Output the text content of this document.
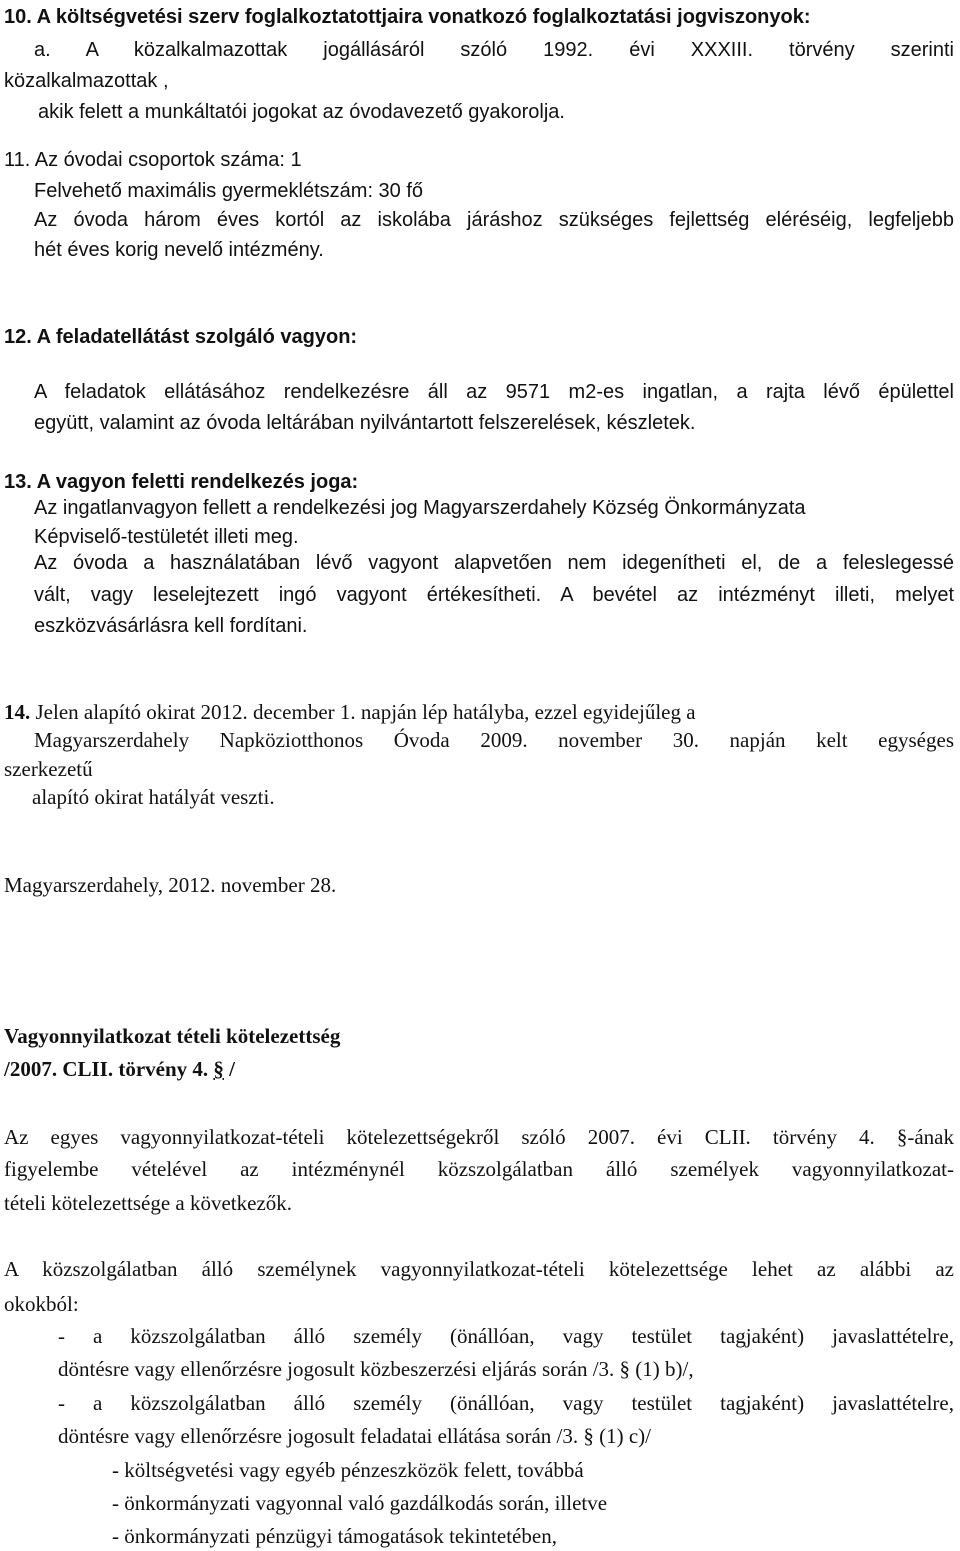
10. A költségvetési szerv foglalkoztatottjaira vonatkozó foglalkoztatási jogviszonyok:
a. A közalkalmazottak jogállásáról szóló 1992. évi XXXIII. törvény szerinti
közalkalmazottak ,
akik felett a munkáltatói jogokat az óvodavezető gyakorolja.
11. Az óvodai csoportok száma: 1
Felvehető maximális gyermeklétszám: 30 fő
Az óvoda három éves kortól az iskolába járáshoz szükséges fejlettség eléréséig, legfeljebb
hét éves korig nevelő intézmény.
12. A feladatellátást szolgáló vagyon:
A feladatok ellátásához rendelkezésre áll az 9571 m2-es ingatlan, a rajta lévő épülettel
együtt, valamint az óvoda leltárában nyilvántartott felszerelések, készletek.
13. A vagyon feletti rendelkezés joga:
Az ingatlanvagyon fellett a rendelkezési jog Magyarszerdahely Község Önkormányzata
Képviselő-testületét illeti meg.
Az óvoda a használatában lévő vagyont alapvetően nem idegenítheti el, de a feleslegessé
vált, vagy leselejtezett ingó vagyont értékesítheti. A bevétel az intézményt illeti, melyet
eszközvásárlásra kell fordítani.
14. Jelen alapító okirat 2012. december 1. napján lép hatályba, ezzel egyidejűleg a
Magyarszerdahely Napköziotthonos Óvoda 2009. november 30. napján kelt egységes
szerkezetű
alapító okirat hatályát veszti.
Magyarszerdahely, 2012. november 28.
Vagyonnyilatkozat tételi kötelezettség
/2007. CLII. törvény 4. § /
Az egyes vagyonnyilatkozat-tételi kötelezettségekről szóló 2007. évi CLII. törvény 4. §-ának
figyelembe vételével az intézménynél közszolgálatban álló személyek vagyonnyilatkozat-
tételi kötelezettsége a következők.
A közszolgálatban álló személynek vagyonnyilatkozat-tételi kötelezettsége lehet az alábbi az
okokból:
- a közszolgálatban álló személy (önállóan, vagy testület tagjaként) javaslattételre,
döntésre vagy ellenőrzésre jogosult közbeszerzési eljárás során /3. § (1) b)/,
- a közszolgálatban álló személy (önállóan, vagy testület tagjaként) javaslattételre,
döntésre vagy ellenőrzésre jogosult feladatai ellátása során /3. § (1) c)/
- költségvetési vagy egyéb pénzeszközök felett, továbbá
- önkormányzati vagyonnal való gazdálkodás során, illetve
- önkormányzati pénzügyi támogatások tekintetében,
